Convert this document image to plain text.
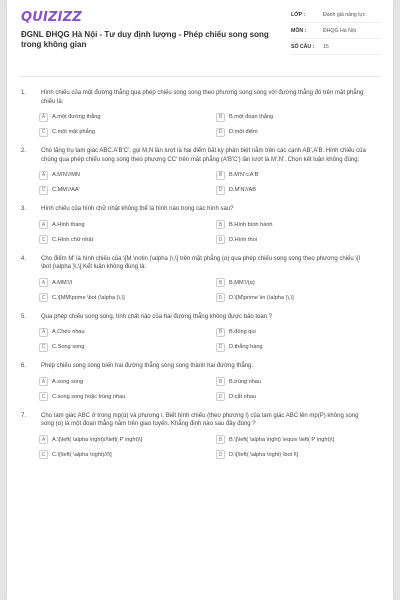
QUIZIZZ
ĐGNL ĐHQG Hà Nội - Tư duy định lượng - Phép chiếu song song trong không gian
LỚP :	Đánh giá năng lực
MÔN :	ĐHQG Hà Nội
SỐ CÂU :	15
1.	Hình chiếu của một đường thẳng qua phép chiếu song song theo phương song song với đường thẳng đó trên mặt phẳng chiếu là:
A	A.một đường thẳng	B	B.một đoạn thẳng
C	C.một mặt phẳng	D	D.một điểm
2.	Cho lăng trụ tam giác ABC.A'B'C', gọi M,N lần lượt là hai điểm bất kỳ phân biệt nằm trên các cạnh AB',A'B. Hình chiếu của chúng qua phép chiếu song song theo phương CC' trên mặt phẳng (A'B'C') lần lượt là M',N'. Chọn kết luận không đúng:
A	A.M'N'//MN	B	B.M'N'⊂A'B'
C	C.MM'//AA'	D	D.M'N'//AB
3.	Hình chiếu của hình chữ nhật không thể là hình nào trong các hình sau?
A	A.Hình thang	B	B.Hình bình hành
C	C.Hình chữ nhật	D	D.Hình thoi
4.	Cho điểm M' là hình chiếu của \[M \notin (\alpha )\,\] trên mặt phẳng (α) qua phép chiếu song song theo phương chiếu \[l \bot (\alpha )\,\] Kết luận không đúng là:
A	A.MM'//l	B	B.MM'//(α)
C	C.\[MM\prime \bot (\alpha )\,\]	D	D.\[M\prime \in (\alpha )\,\]
5.	Qua phép chiếu song song, tính chất nào của hai đường thẳng không được bảo toàn ?
A	A.Chéo nhau	B	B.đồng qui
C	C.Song song	D	D.thẳng hàng
6.	Phép chiếu song song biến hai đường thẳng song song thành hai đường thẳng:
A	A.song song	B	B.trùng nhau
C	C.song song hoặc trùng nhau	D	D.cắt nhau
7.	Cho tam giác ABC ở trong mp(α) và phương l. Biết hình chiếu (theo phương l) của tam giác ABC lên mp(P) không song song (α) là một đoạn thẳng nằm trên giao tuyến. Khẳng định nào sau đây đúng ?
A	A.\[\left( \alpha \right)//\left( P \right)\]	B	B.\[\left( \alpha \right) \equiv \left( P \right)\]
C	C.\[\left( \alpha \right)//l\]	D	D.\[\left( \alpha \right) \bot l\]
